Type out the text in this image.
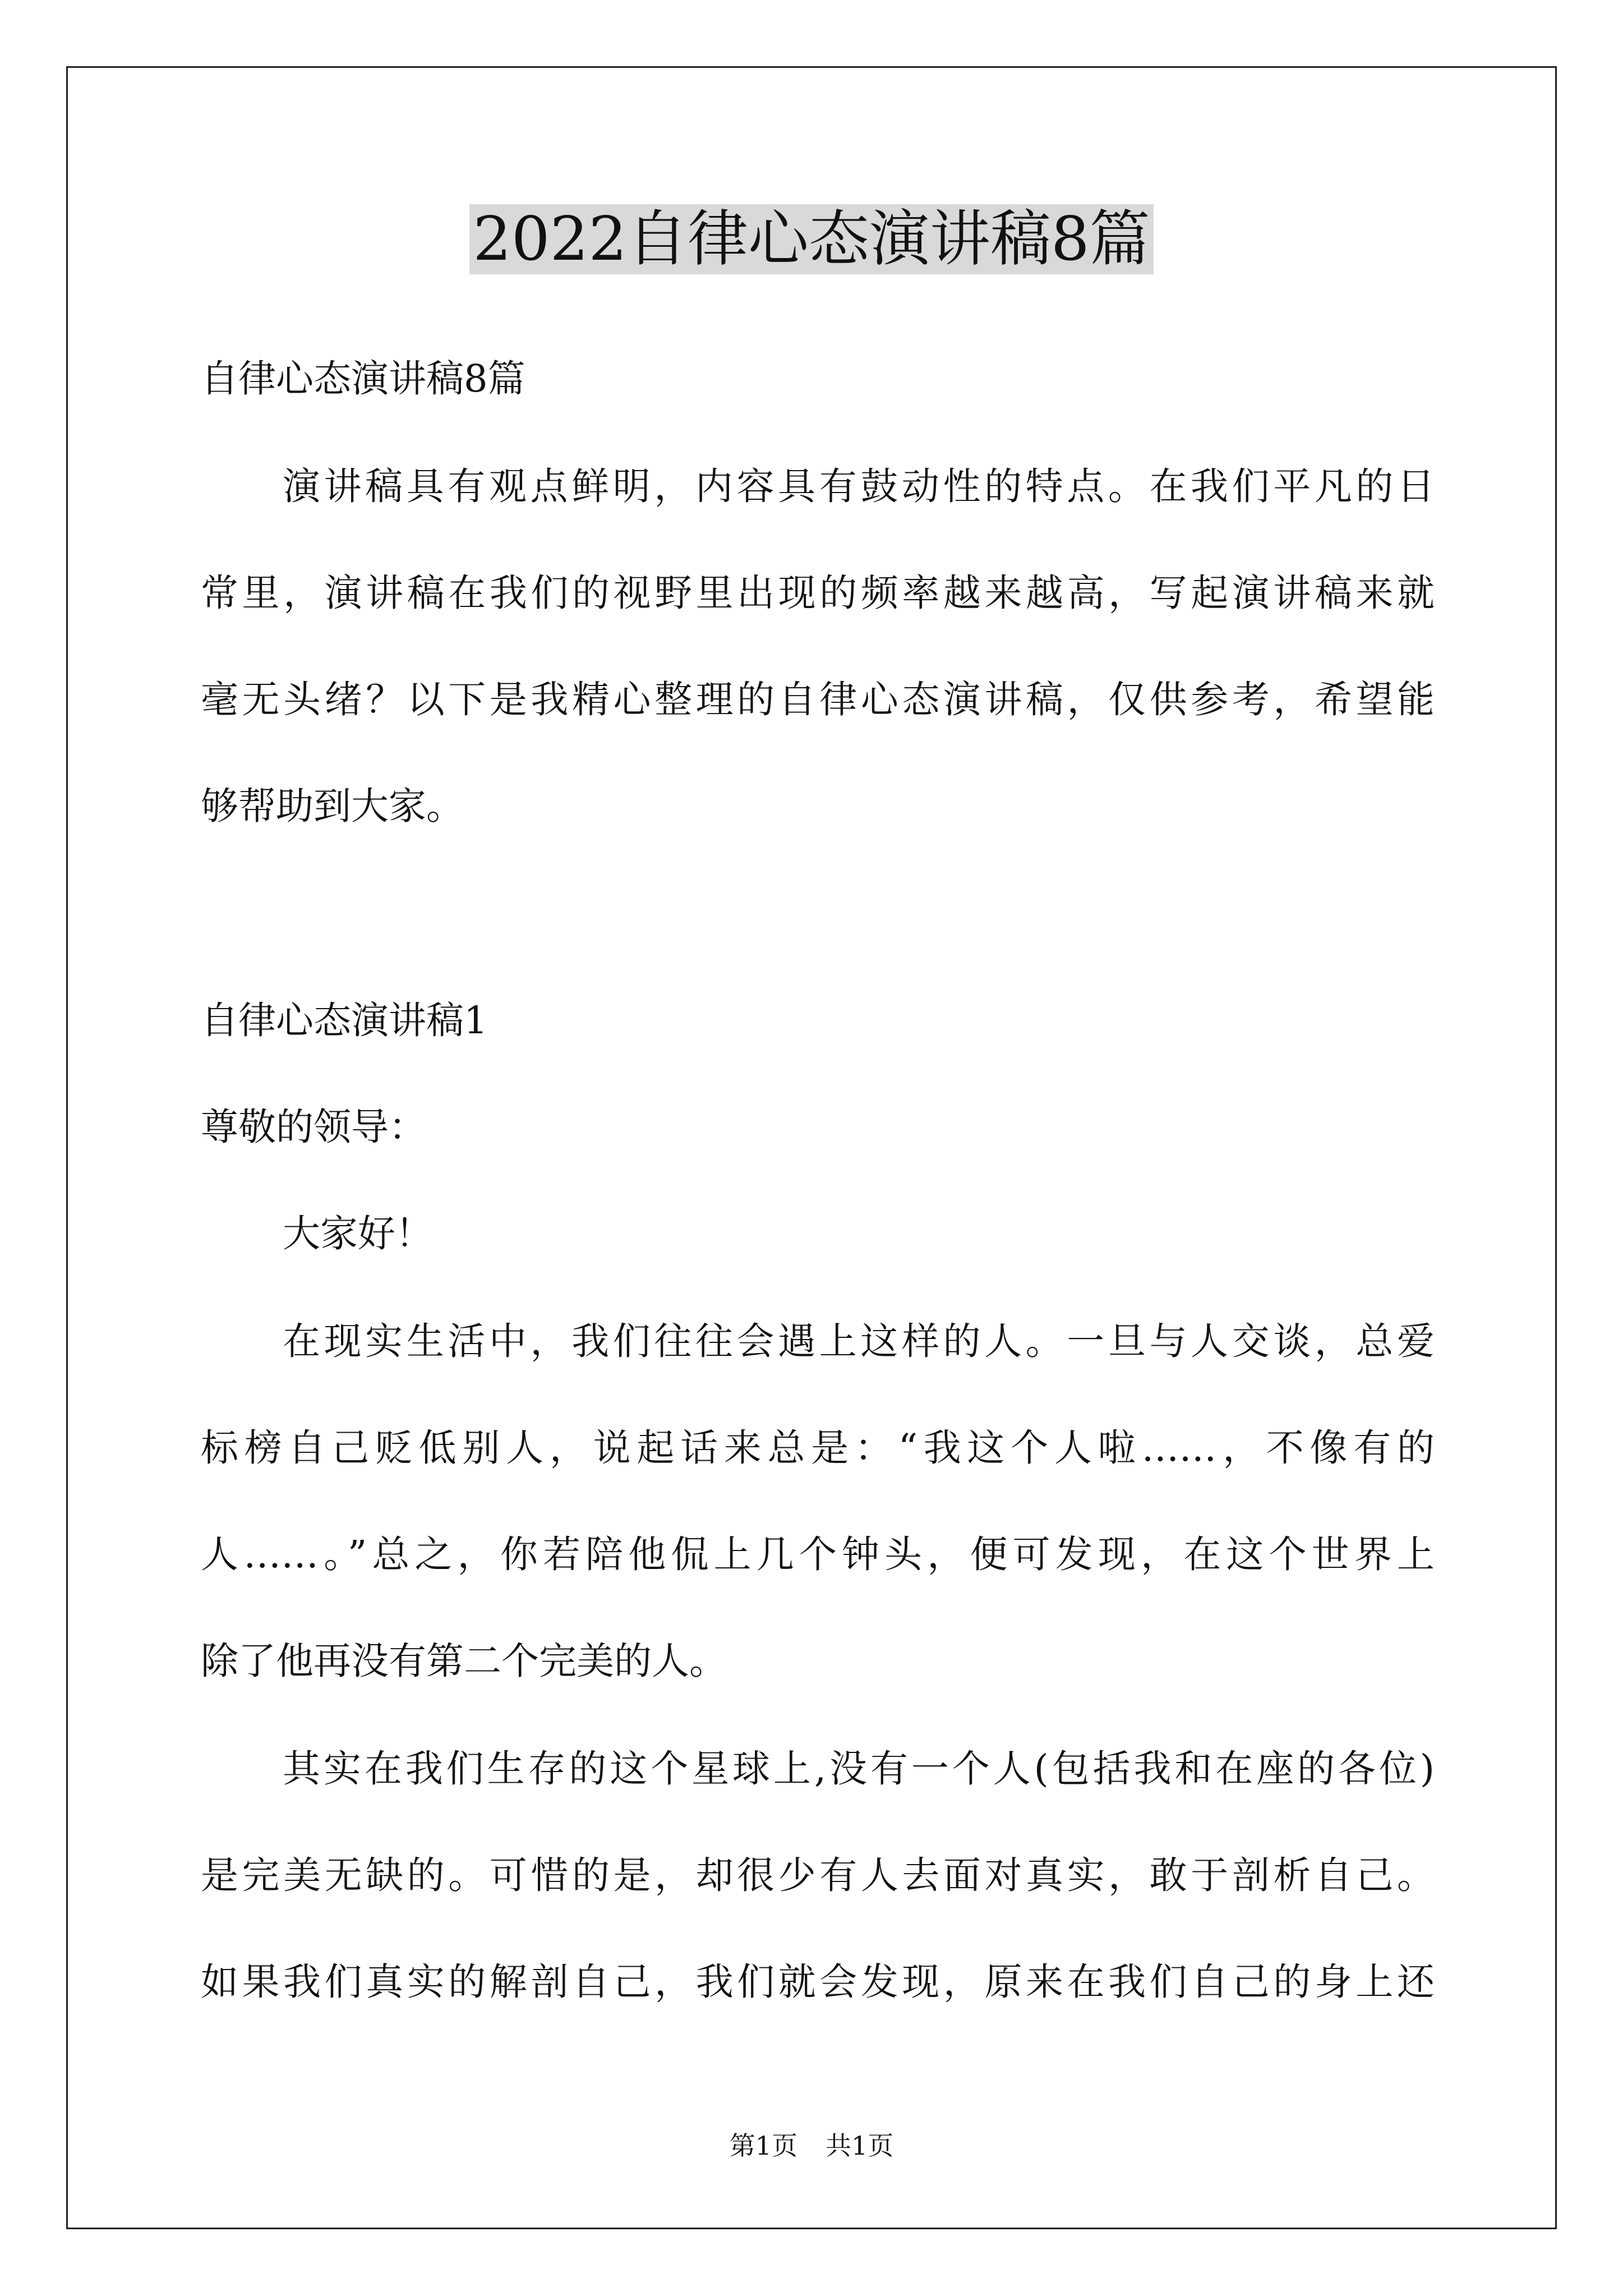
2022自律心态演讲稿8篇

自律心态演讲稿8篇

演讲稿具有观点鲜明，内容具有鼓动性的特点。在我们平凡的日

常里，演讲稿在我们的视野里出现的频率越来越高，写起演讲稿来就

毫无头绪？以下是我精心整理的自律心态演讲稿，仅供参考，希望能

够帮助到大家。

自律心态演讲稿1

尊敬的领导：

大家好！

在现实生活中，我们往往会遇上这样的人。一旦与人交谈，总爱

标榜自己贬低别人，说起话来总是：“我这个人啦……，不像有的

人……。”总之，你若陪他侃上几个钟头，便可发现，在这个世界上

除了他再没有第二个完美的人。

其实在我们生存的这个星球上,没有一个人(包括我和在座的各位)

是完美无缺的。可惜的是，却很少有人去面对真实，敢于剖析自己。

如果我们真实的解剖自己，我们就会发现，原来在我们自己的身上还

第1页 共1页
